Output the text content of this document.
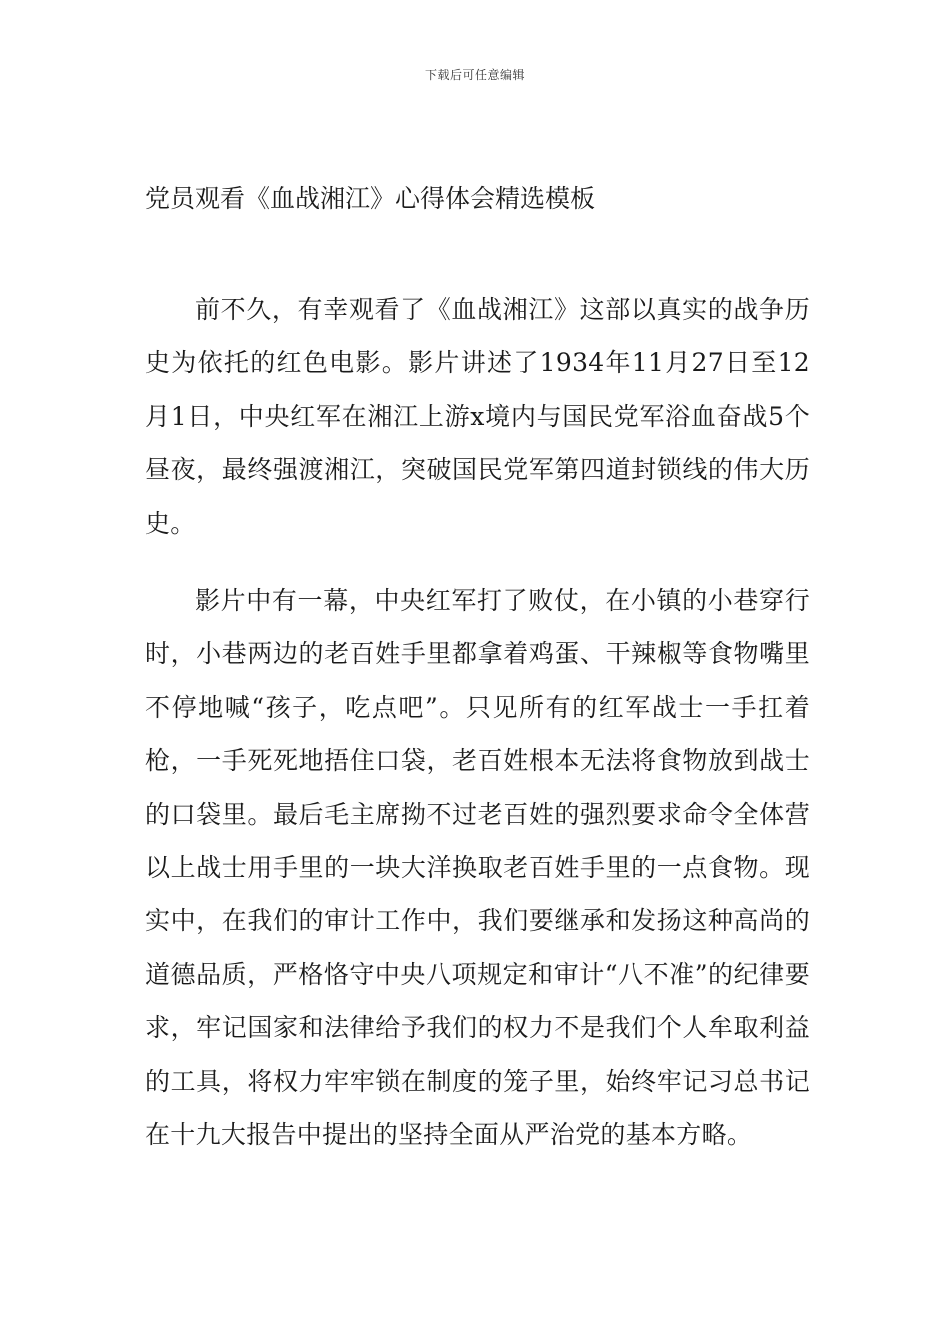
下载后可任意编辑
党员观看《血战湘江》心得体会精选模板

前不久，有幸观看了《血战湘江》这部以真实的战争历史为依托的红色电影。影片讲述了1934年11月27日至12月1日，中央红军在湘江上游x境内与国民党军浴血奋战5个昼夜，最终强渡湘江，突破国民党军第四道封锁线的伟大历史。

影片中有一幕，中央红军打了败仗，在小镇的小巷穿行时，小巷两边的老百姓手里都拿着鸡蛋、干辣椒等食物嘴里不停地喊“孩子，吃点吧”。只见所有的红军战士一手扛着枪，一手死死地捂住口袋，老百姓根本无法将食物放到战士的口袋里。最后毛主席拗不过老百姓的强烈要求命令全体营以上战士用手里的一块大洋换取老百姓手里的一点食物。现实中，在我们的审计工作中，我们要继承和发扬这种高尚的道德品质，严格恪守中央八项规定和审计“八不准”的纪律要求，牢记国家和法律给予我们的权力不是我们个人牟取利益的工具，将权力牢牢锁在制度的笼子里，始终牢记习总书记在十九大报告中提出的坚持全面从严治党的基本方略。
